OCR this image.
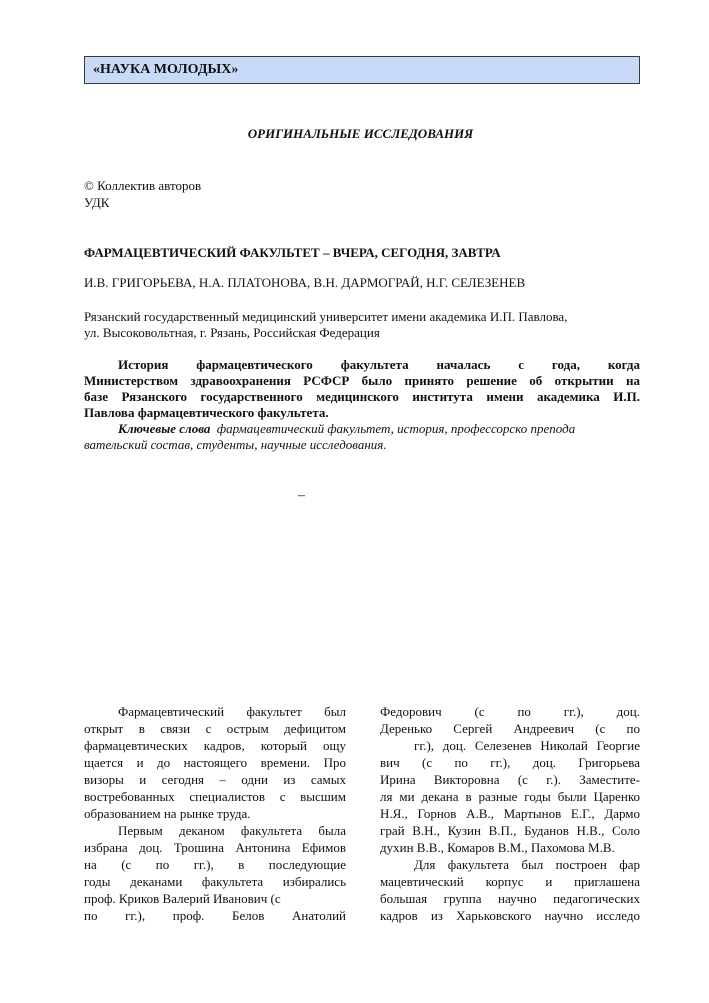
«НАУКА МОЛОДЫХ»
ОРИГИНАЛЬНЫЕ ИССЛЕДОВАНИЯ
© Коллектив авторов
УДК
ФАРМАЦЕВТИЧЕСКИЙ ФАКУЛЬТЕТ – ВЧЕРА, СЕГОДНЯ, ЗАВТРА
И.В. ГРИГОРЬЕВА, Н.А. ПЛАТОНОВА, В.Н. ДАРМОГРАЙ, Н.Г. СЕЛЕЗЕНЕВ
Рязанский государственный медицинский университет имени академика И.П. Павлова,
ул. Высоковольтная, г. Рязань, Российская Федерация
История фармацевтического факультета началась с года, когда
Министерством здравоохранения РСФСР было принято решение об открытии на
базе Рязанского государственного медицинского института имени академика И.П.
Павлова фармацевтического факультета.
Ключевые слова фармацевтический факультет, история, профессорско препода
вательский состав, студенты, научные исследования.
–
Фармацевтический факультет был
открыт в связи с острым дефицитом
фармацевтических кадров, который ощу
щается и до настоящего времени. Про
визоры и сегодня – одни из самых
востребованных специалистов с высшим
образованием на рынке труда.
Первым деканом факультета была
избрана доц. Трошина Антонина Ефимов
на (с по гг.), в последующие
годы деканами факультета избирались
проф. Криков Валерий Иванович (с
по гг.), проф. Белов Анатолий
Федорович (с по гг.), доц.
Деренько Сергей Андреевич (с по
гг.), доц. Селезенев Николай Георгие
вич (с по гг.), доц. Григорьева
Ирина Викторовна (с г.). Заместите-
ля ми декана в разные годы были Царенко
Н.Я., Горнов А.В., Мартынов Е.Г., Дармо
грай В.Н., Кузин В.П., Буданов Н.В., Соло
духин В.В., Комаров В.М., Пахомова М.В.
Для факультета был построен фар
мацевтический корпус и приглашена
большая группа научно педагогических
кадров из Харьковского научно исследо
